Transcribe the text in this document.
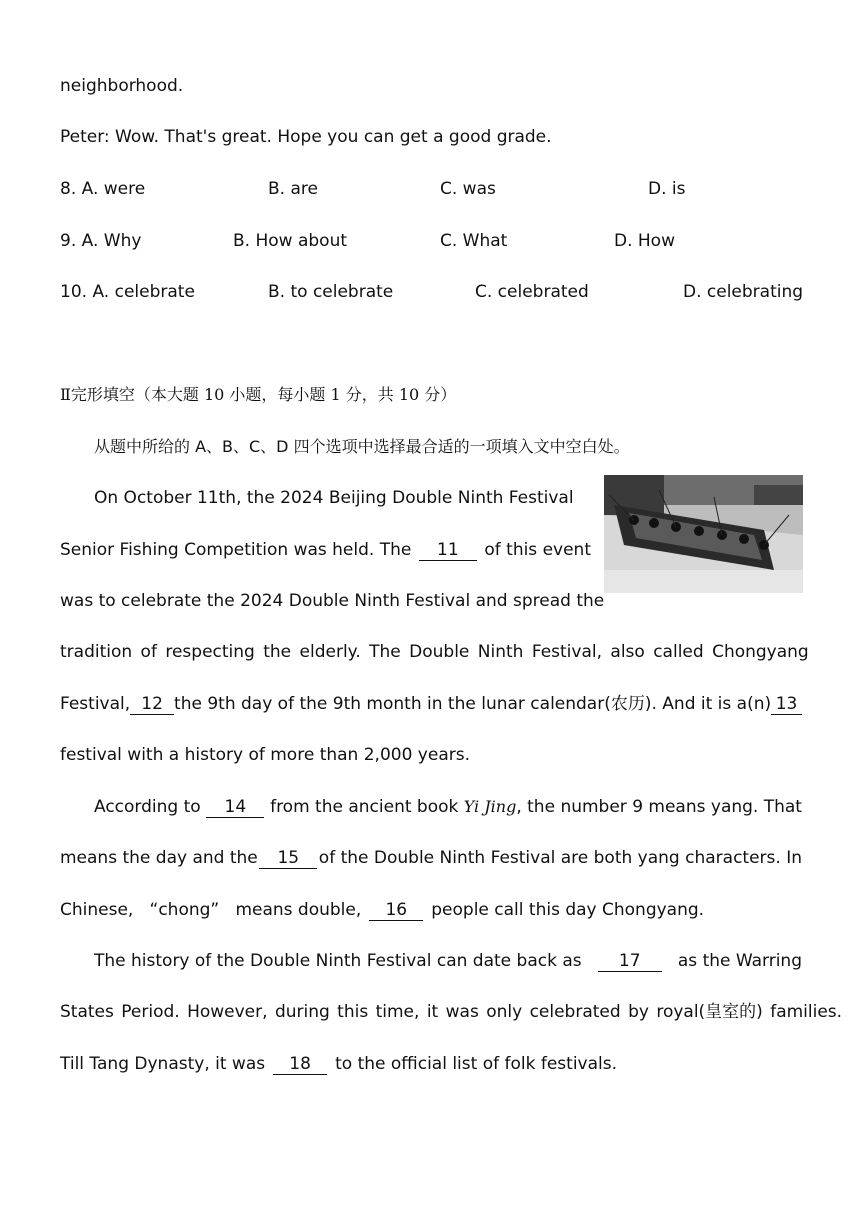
neighborhood.
Peter: Wow. That's great. Hope you can get a good grade.
8. A. were	B. are	C. was	D. is
9. A. Why	B. How about	C. What	D. How
10. A. celebrate	B. to celebrate	C. celebrated	D. celebrating
Ⅱ完形填空（本大题 10 小题，每小题 1 分，共 10 分）
从题中所给的 A、B、C、D 四个选项中选择最合适的一项填入文中空白处。
On October 11th, the 2024 Beijing Double Ninth Festival
Senior Fishing Competition was held. The	11	of this event
was to celebrate the 2024 Double Ninth Festival and spread the
tradition of respecting the elderly. The Double Ninth Festival, also called Chongyang
Festival, 12 the 9th day of the 9th month in the lunar calendar(农历). And it is a(n) 13
festival with a history of more than 2,000 years.
According to	14	from the ancient book Yi Jing, the number 9 means yang. That
means the day and the	15	of the Double Ninth Festival are both yang characters. In
Chinese,   “chong”   means double,	16	people call this day Chongyang.
The history of the Double Ninth Festival can date back as	17	as the Warring
States Period. However, during this time, it was only celebrated by royal(皇室的) families.
Till Tang Dynasty, it was	18	to the official list of folk festivals.
